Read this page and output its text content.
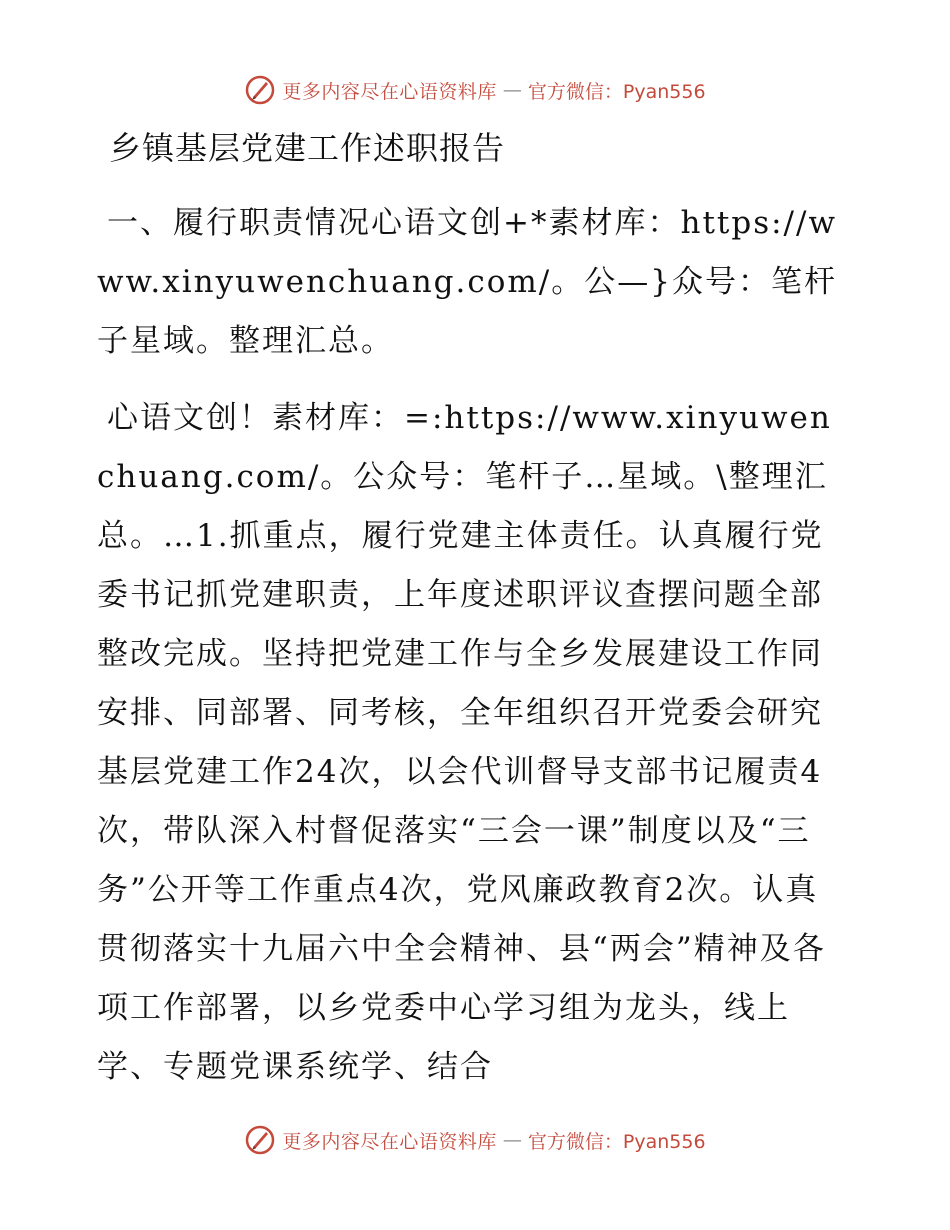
更多内容尽在心语资料库 — 官方微信：Pyan556
乡镇基层党建工作述职报告

一、履行职责情况心语文创+*素材库：https://www.xinyuwenchuang.com/。公—}众号：笔杆子星域。整理汇总。

心语文创！素材库：=:https://www.xinyuwenchuang.com/。公众号：笔杆子…星域。\整理汇总。…1.抓重点，履行党建主体责任。认真履行党委书记抓党建职责，上年度述职评议查摆问题全部整改完成。坚持把党建工作与全乡发展建设工作同安排、同部署、同考核，全年组织召开党委会研究基层党建工作24次，以会代训督导支部书记履责4次，带队深入村督促落实“三会一课”制度以及“三务”公开等工作重点4次，党风廉政教育2次。认真贯彻落实十九届六中全会精神、县“两会”精神及各项工作部署，以乡党委中心学习组为龙头，线上学、专题党课系统学、结合

更多内容尽在心语资料库 — 官方微信：Pyan556
